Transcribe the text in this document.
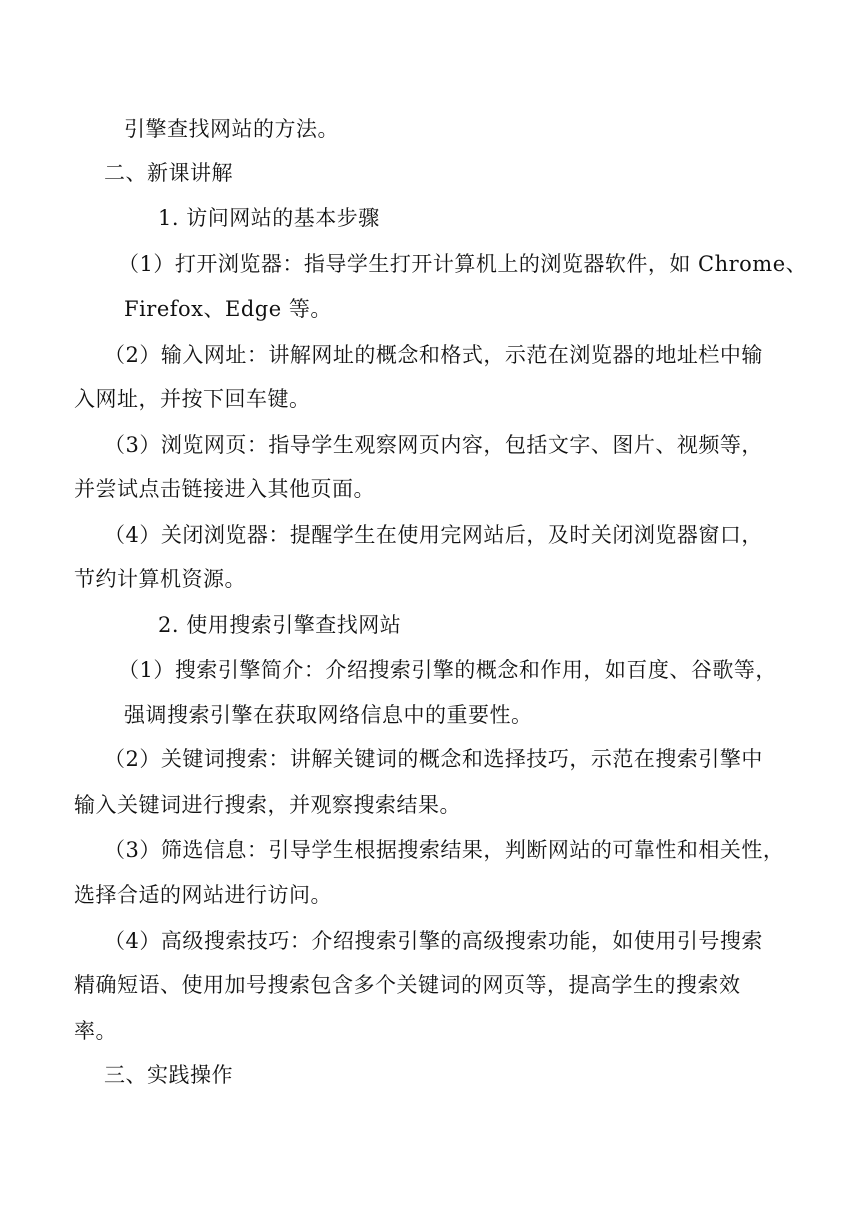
引擎查找网站的方法。
二、新课讲解
1. 访问网站的基本步骤
（1）打开浏览器：指导学生打开计算机上的浏览器软件，如 Chrome、
Firefox、Edge 等。
（2）输入网址：讲解网址的概念和格式，示范在浏览器的地址栏中输
入网址，并按下回车键。
（3）浏览网页：指导学生观察网页内容，包括文字、图片、视频等，
并尝试点击链接进入其他页面。
（4）关闭浏览器：提醒学生在使用完网站后，及时关闭浏览器窗口，
节约计算机资源。
2. 使用搜索引擎查找网站
（1）搜索引擎简介：介绍搜索引擎的概念和作用，如百度、谷歌等，
强调搜索引擎在获取网络信息中的重要性。
（2）关键词搜索：讲解关键词的概念和选择技巧，示范在搜索引擎中
输入关键词进行搜索，并观察搜索结果。
（3）筛选信息：引导学生根据搜索结果，判断网站的可靠性和相关性，
选择合适的网站进行访问。
（4）高级搜索技巧：介绍搜索引擎的高级搜索功能，如使用引号搜索
精确短语、使用加号搜索包含多个关键词的网页等，提高学生的搜索效
率。
三、实践操作
